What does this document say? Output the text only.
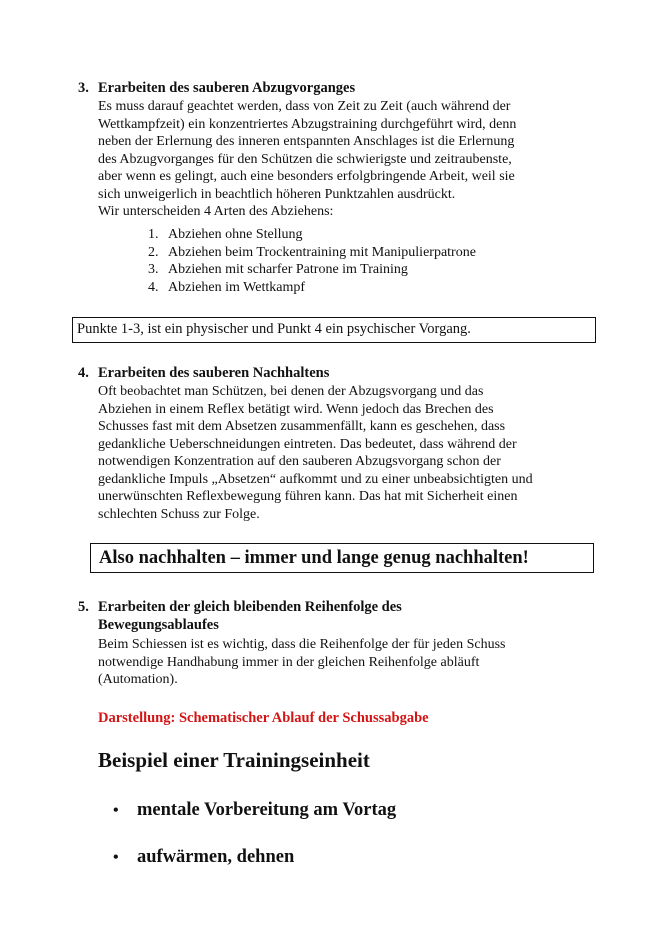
3. Erarbeiten des sauberen Abzugvorganges

Es muss darauf geachtet werden, dass von Zeit zu Zeit (auch während der
Wettkampfzeit) ein konzentriertes Abzugstraining durchgeführt wird, denn
neben der Erlernung des inneren entspannten Anschlages ist die Erlernung
des Abzugvorganges für den Schützen die schwierigste und zeitraubenste,
aber wenn es gelingt, auch eine besonders erfolgbringende Arbeit, weil sie
sich unweigerlich in beachtlich höheren Punktzahlen ausdrückt.
Wir unterscheiden 4 Arten des Abziehens:

1. Abziehen ohne Stellung
2. Abziehen beim Trockentraining mit Manipulierpatrone
3. Abziehen mit scharfer Patrone im Training
4. Abziehen im Wettkampf
Punkte 1-3, ist ein physischer und Punkt 4 ein psychischer Vorgang.
4. Erarbeiten des sauberen Nachhaltens

Oft beobachtet man Schützen, bei denen der Abzugsvorgang und das
Abziehen in einem Reflex betätigt wird. Wenn jedoch das Brechen des
Schusses fast mit dem Absetzen zusammenfällt, kann es geschehen, dass
gedankliche Ueberschneidungen eintreten. Das bedeutet, dass während der
notwendigen Konzentration auf den sauberen Abzugsvorgang schon der
gedankliche Impuls „Absetzen“ aufkommt und zu einer unbeabsichtigten und
unerwünschten Reflexbewegung führen kann. Das hat mit Sicherheit einen
schlechten Schuss zur Folge.

Also nachhalten – immer und lange genug nachhalten!
5. Erarbeiten der gleich bleibenden Reihenfolge des
Bewegungsablaufes

Beim Schiessen ist es wichtig, dass die Reihenfolge der für jeden Schuss
notwendige Handhabung immer in der gleichen Reihenfolge abläuft
(Automation).

Darstellung: Schematischer Ablauf der Schussabgabe
Beispiel einer Trainingseinheit
• mentale Vorbereitung am Vortag
• aufwärmen, dehnen
